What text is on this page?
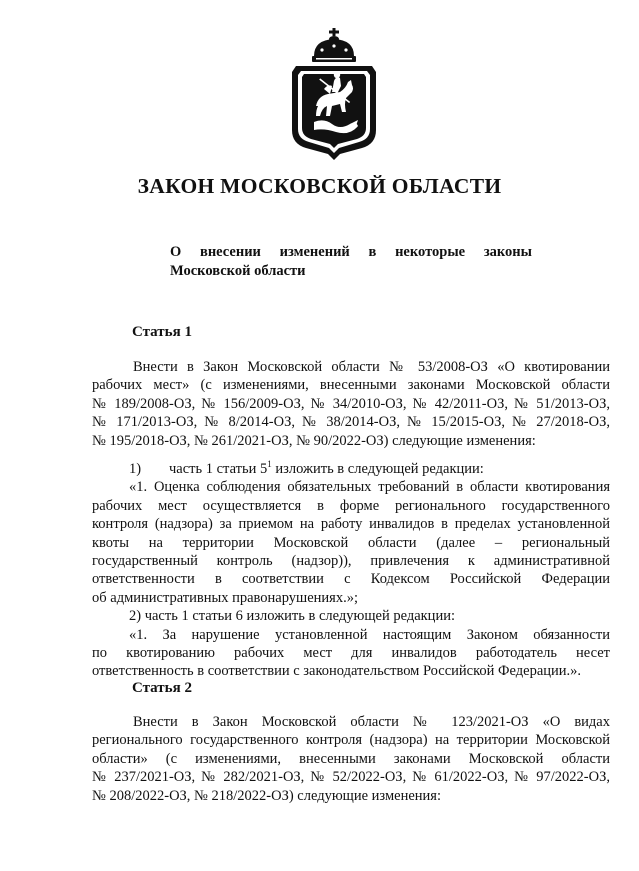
ЗАКОН МОСКОВСКОЙ ОБЛАСТИ
О внесении изменений в некоторые законы
Московской области
Статья 1
Внести в Закон Московской области № 53/2008-ОЗ «О квотировании
рабочих мест» (с изменениями, внесенными законами Московской области
№ 189/2008-ОЗ, № 156/2009-ОЗ, № 34/2010-ОЗ, № 42/2011-ОЗ, № 51/2013-ОЗ,
№ 171/2013-ОЗ, № 8/2014-ОЗ, № 38/2014-ОЗ, № 15/2015-ОЗ, № 27/2018-ОЗ,
№ 195/2018-ОЗ, № 261/2021-ОЗ, № 90/2022-ОЗ) следующие изменения:
1) часть 1 статьи $5^1$ изложить в следующей редакции:
«1. Оценка соблюдения обязательных требований в области квотирования
рабочих мест осуществляется в форме регионального государственного
контроля (надзора) за приемом на работу инвалидов в пределах установленной
квоты на территории Московской области (далее – региональный
государственный контроль (надзор)), привлечения к административной
ответственности в соответствии с Кодексом Российской Федерации
об административных правонарушениях.»;
2) часть 1 статьи 6 изложить в следующей редакции:
«1. За нарушение установленной настоящим Законом обязанности
по квотированию рабочих мест для инвалидов работодатель несет
ответственность в соответствии с законодательством Российской Федерации.».
Статья 2
Внести в Закон Московской области № 123/2021-ОЗ «О видах
регионального государственного контроля (надзора) на территории Московской
области» (с изменениями, внесенными законами Московской области
№ 237/2021-ОЗ, № 282/2021-ОЗ, № 52/2022-ОЗ, № 61/2022-ОЗ, № 97/2022-ОЗ,
№ 208/2022-ОЗ, № 218/2022-ОЗ) следующие изменения:
